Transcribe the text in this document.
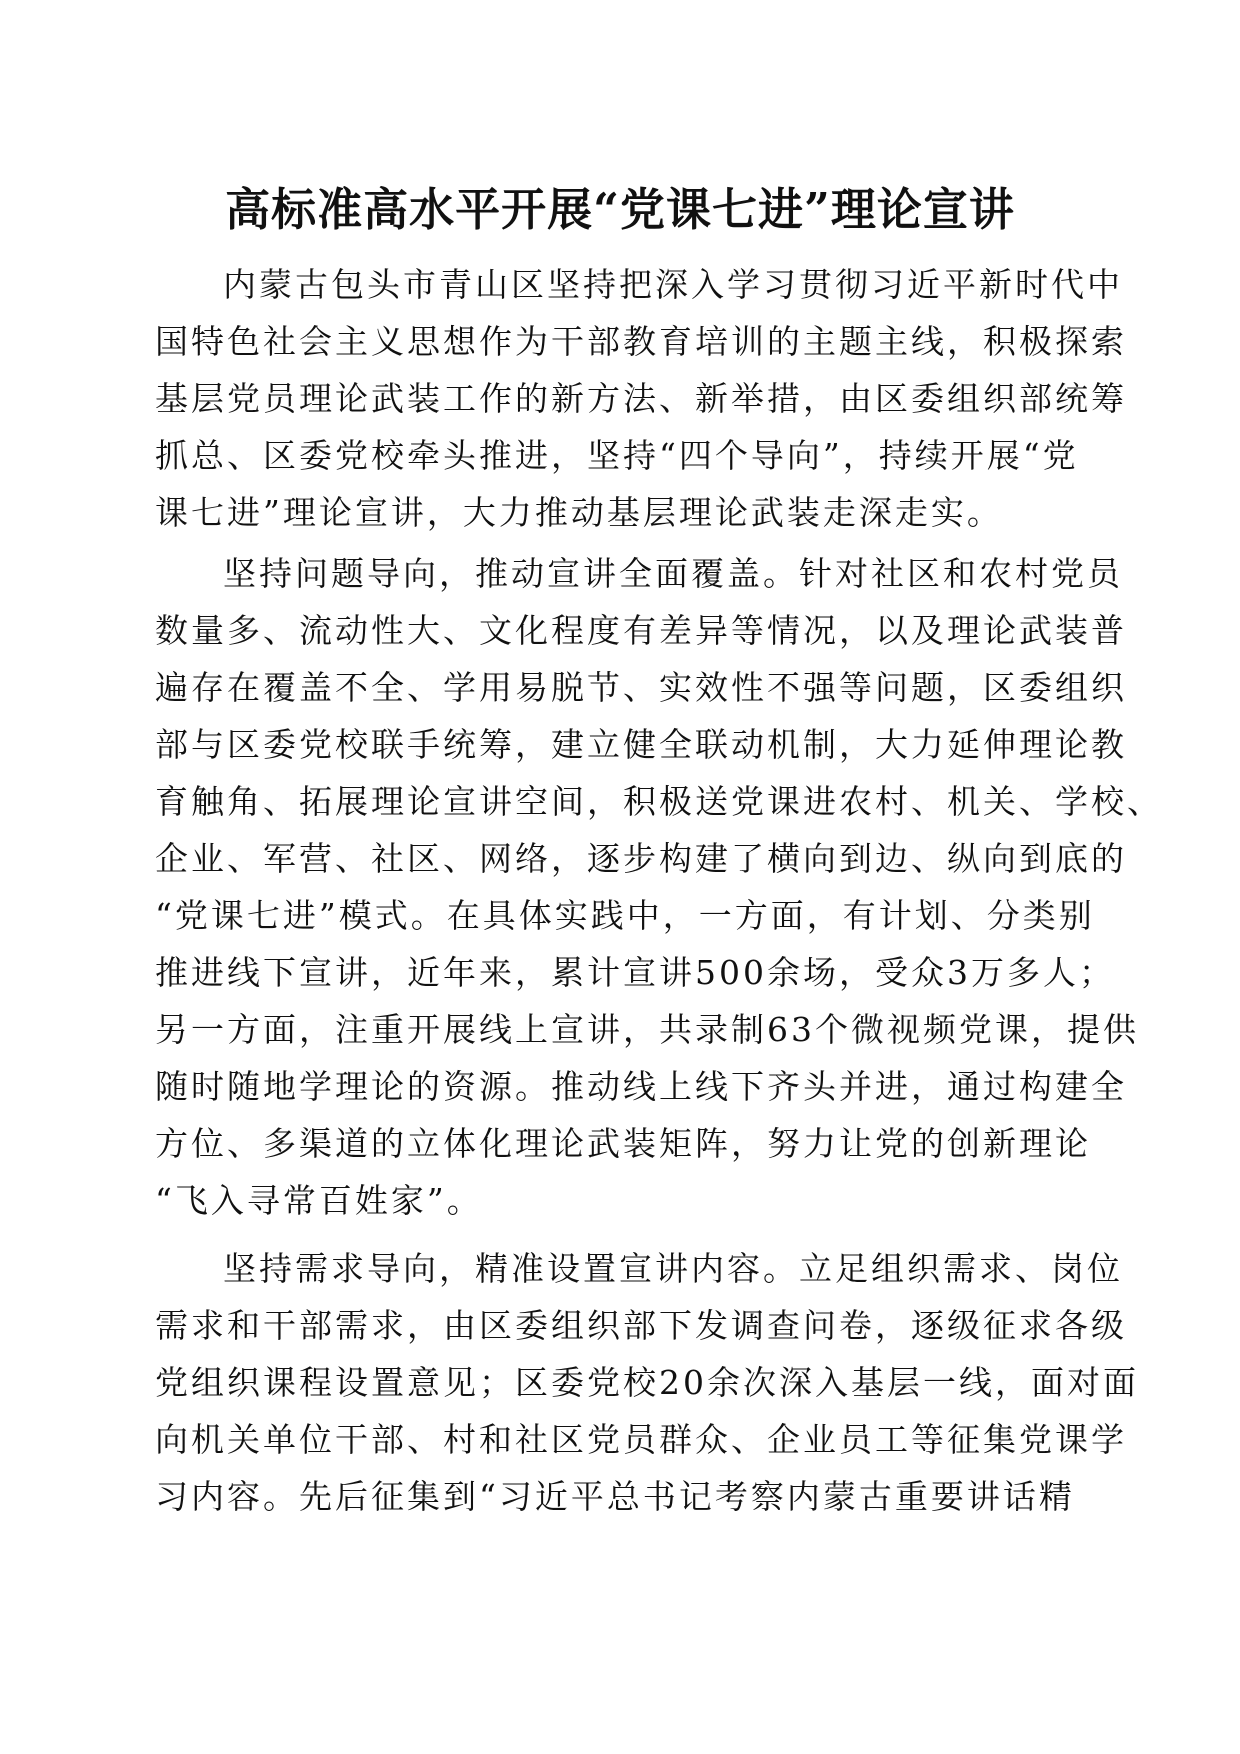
高标准高水平开展“党课七进”理论宣讲
内蒙古包头市青山区坚持把深入学习贯彻习近平新时代中
国特色社会主义思想作为干部教育培训的主题主线，积极探索
基层党员理论武装工作的新方法、新举措，由区委组织部统筹
抓总、区委党校牵头推进，坚持“四个导向”，持续开展“党
课七进”理论宣讲，大力推动基层理论武装走深走实。
坚持问题导向，推动宣讲全面覆盖。针对社区和农村党员
数量多、流动性大、文化程度有差异等情况，以及理论武装普
遍存在覆盖不全、学用易脱节、实效性不强等问题，区委组织
部与区委党校联手统筹，建立健全联动机制，大力延伸理论教
育触角、拓展理论宣讲空间，积极送党课进农村、机关、学校、
企业、军营、社区、网络，逐步构建了横向到边、纵向到底的
“党课七进”模式。在具体实践中，一方面，有计划、分类别
推进线下宣讲，近年来，累计宣讲500余场，受众3万多人；
另一方面，注重开展线上宣讲，共录制63个微视频党课，提供
随时随地学理论的资源。推动线上线下齐头并进，通过构建全
方位、多渠道的立体化理论武装矩阵，努力让党的创新理论
“飞入寻常百姓家”。
坚持需求导向，精准设置宣讲内容。立足组织需求、岗位
需求和干部需求，由区委组织部下发调查问卷，逐级征求各级
党组织课程设置意见；区委党校20余次深入基层一线，面对面
向机关单位干部、村和社区党员群众、企业员工等征集党课学
习内容。先后征集到“习近平总书记考察内蒙古重要讲话精
